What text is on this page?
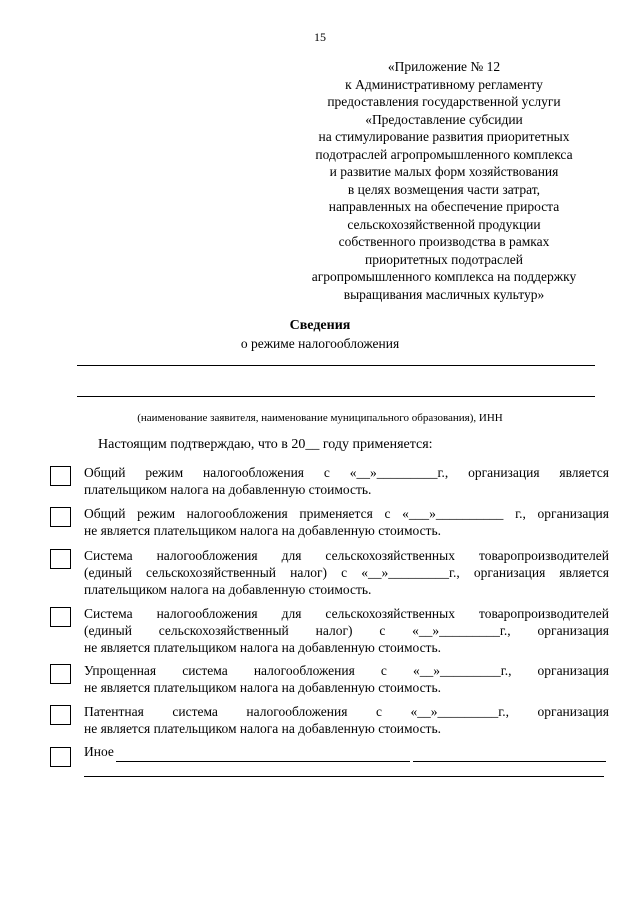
15
«Приложение № 12
к Административному регламенту
предоставления государственной услуги
«Предоставление субсидии
на стимулирование развития приоритетных
подотраслей агропромышленного комплекса
и развитие малых форм хозяйствования
в целях возмещения части затрат,
направленных на обеспечение прироста
сельскохозяйственной продукции
собственного производства в рамках
приоритетных подотраслей
агропромышленного комплекса на поддержку
выращивания масличных культур»
Сведения
о режиме налогообложения
(наименование заявителя, наименование муниципального образования), ИНН
Настоящим подтверждаю, что в 20__ году применяется:
Общий режим налогообложения с «__»_________г., организация является
плательщиком налога на добавленную стоимость.
Общий режим налогообложения применяется с «___»__________ г., организация
не является плательщиком налога на добавленную стоимость.
Система налогообложения для сельскохозяйственных товаропроизводителей
(единый сельскохозяйственный налог) с «__»_________г., организация является
плательщиком налога на добавленную стоимость.
Система налогообложения для сельскохозяйственных товаропроизводителей
(единый сельскохозяйственный налог) с «__»_________г., организация
не является плательщиком налога на добавленную стоимость.
Упрощенная система налогообложения с «__»_________г., организация
не является плательщиком налога на добавленную стоимость.
Патентная система налогообложения с «__»_________г., организация
не является плательщиком налога на добавленную стоимость.
Иное
